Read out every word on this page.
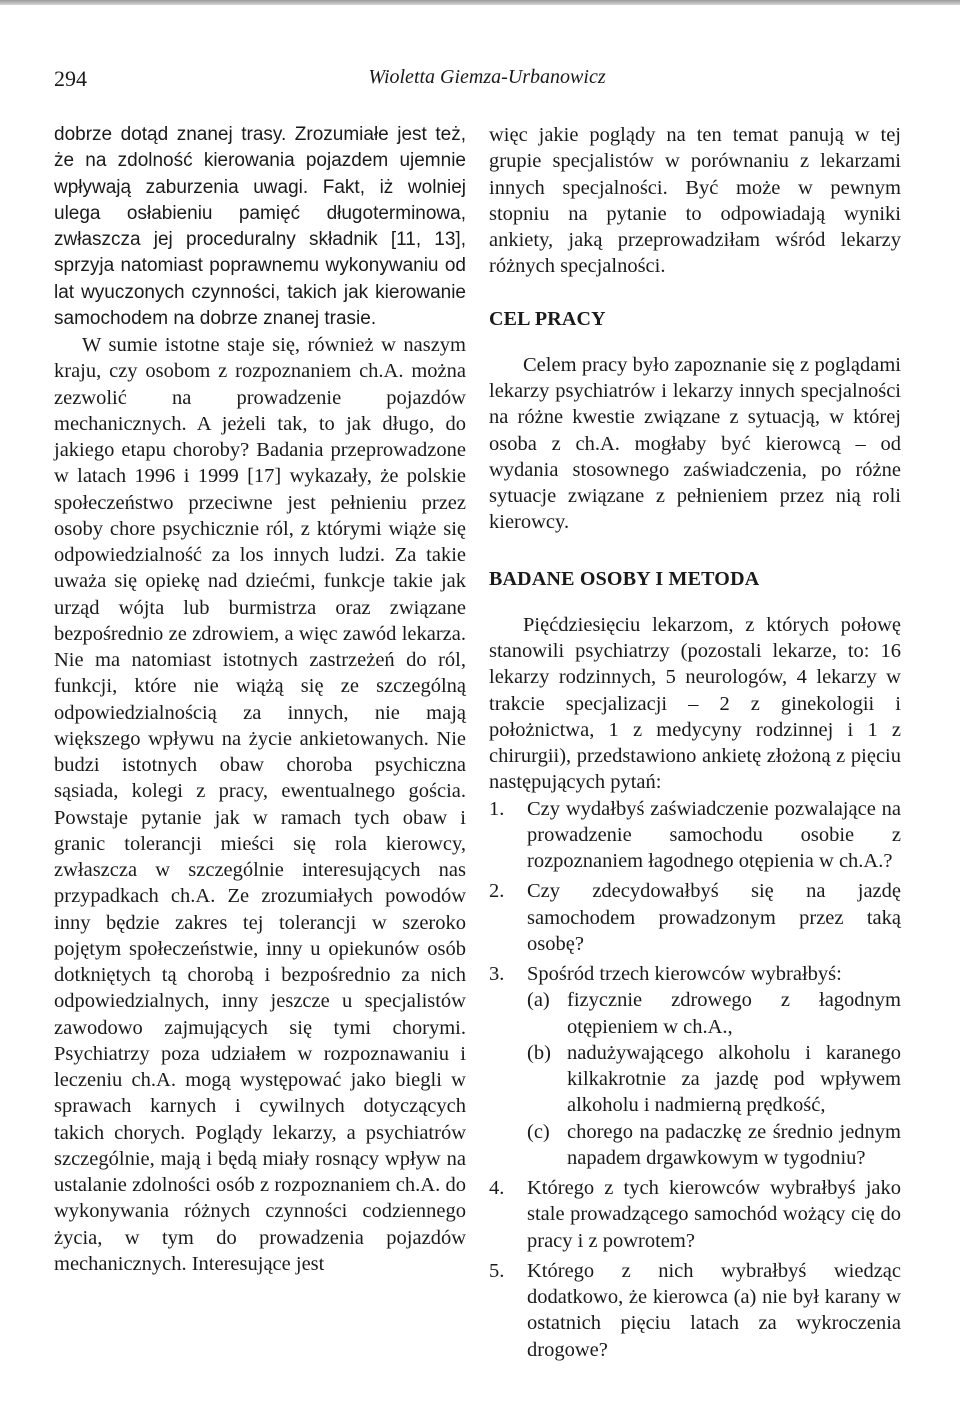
294	Wioletta Giemza-Urbanowicz

dobrze dotąd znanej trasy. Zrozumiałe jest też, że na zdolność kierowania pojazdem ujemnie wpływają zaburzenia uwagi. Fakt, iż wolniej ulega osłabieniu pamięć długoterminowa, zwłaszcza jej proceduralny składnik [11, 13], sprzyja natomiast poprawnemu wykonywaniu od lat wyuczonych czynności, takich jak kierowanie samochodem na dobrze znanej trasie.

W sumie istotne staje się, również w naszym kraju, czy osobom z rozpoznaniem ch.A. można zezwolić na prowadzenie pojazdów mechanicznych. A jeżeli tak, to jak długo, do jakiego etapu choroby? Badania przeprowadzone w latach 1996 i 1999 [17] wykazały, że polskie społeczeństwo przeciwne jest pełnieniu przez osoby chore psychicznie ról, z którymi wiąże się odpowiedzialność za los innych ludzi. Za takie uważa się opiekę nad dziećmi, funkcje takie jak urząd wójta lub burmistrza oraz związane bezpośrednio ze zdrowiem, a więc zawód lekarza. Nie ma natomiast istotnych zastrzeżeń do ról, funkcji, które nie wiążą się ze szczególną odpowiedzialnością za innych, nie mają większego wpływu na życie ankietowanych. Nie budzi istotnych obaw choroba psychiczna sąsiada, kolegi z pracy, ewentualnego gościa. Powstaje pytanie jak w ramach tych obaw i granic tolerancji mieści się rola kierowcy, zwłaszcza w szczególnie interesujących nas przypadkach ch.A. Ze zrozumiałych powodów inny będzie zakres tej tolerancji w szeroko pojętym społeczeństwie, inny u opiekunów osób dotkniętych tą chorobą i bezpośrednio za nich odpowiedzialnych, inny jeszcze u specjalistów zawodowo zajmujących się tymi chorymi. Psychiatrzy poza udziałem w rozpoznawaniu i leczeniu ch.A. mogą występować jako biegli w sprawach karnych i cywilnych dotyczących takich chorych. Poglądy lekarzy, a psychiatrów szczególnie, mają i będą miały rosnący wpływ na ustalanie zdolności osób z rozpoznaniem ch.A. do wykonywania różnych czynności codziennego życia, w tym do prowadzenia pojazdów mechanicznych. Interesujące jest

więc jakie poglądy na ten temat panują w tej grupie specjalistów w porównaniu z lekarzami innych specjalności. Być może w pewnym stopniu na pytanie to odpowiadają wyniki ankiety, jaką przeprowadziłam wśród lekarzy różnych specjalności.

CEL PRACY

Celem pracy było zapoznanie się z poglądami lekarzy psychiatrów i lekarzy innych specjalności na różne kwestie związane z sytuacją, w której osoba z ch.A. mogłaby być kierowcą – od wydania stosownego zaświadczenia, po różne sytuacje związane z pełnieniem przez nią roli kierowcy.

BADANE OSOBY I METODA

Pięćdziesięciu lekarzom, z których połowę stanowili psychiatrzy (pozostali lekarze, to: 16 lekarzy rodzinnych, 5 neurologów, 4 lekarzy w trakcie specjalizacji – 2 z ginekologii i położnictwa, 1 z medycyny rodzinnej i 1 z chirurgii), przedstawiono ankietę złożoną z pięciu następujących pytań:

1. Czy wydałbyś zaświadczenie pozwalające na prowadzenie samochodu osobie z rozpoznaniem łagodnego otępienia w ch.A.?
2. Czy zdecydowałbyś się na jazdę samochodem prowadzonym przez taką osobę?
3. Spośród trzech kierowców wybrałbyś:
(a) fizycznie zdrowego z łagodnym otępieniem w ch.A.,
(b) nadużywającego alkoholu i karanego kilkakrotnie za jazdę pod wpływem alkoholu i nadmierną prędkość,
(c) chorego na padaczkę ze średnio jednym napadem drgawkowym w tygodniu?
4. Którego z tych kierowców wybrałbyś jako stale prowadzącego samochód wożący cię do pracy i z powrotem?
5. Którego z nich wybrałbyś wiedząc dodatkowo, że kierowca (a) nie był karany w ostatnich pięciu latach za wykroczenia drogowe?
